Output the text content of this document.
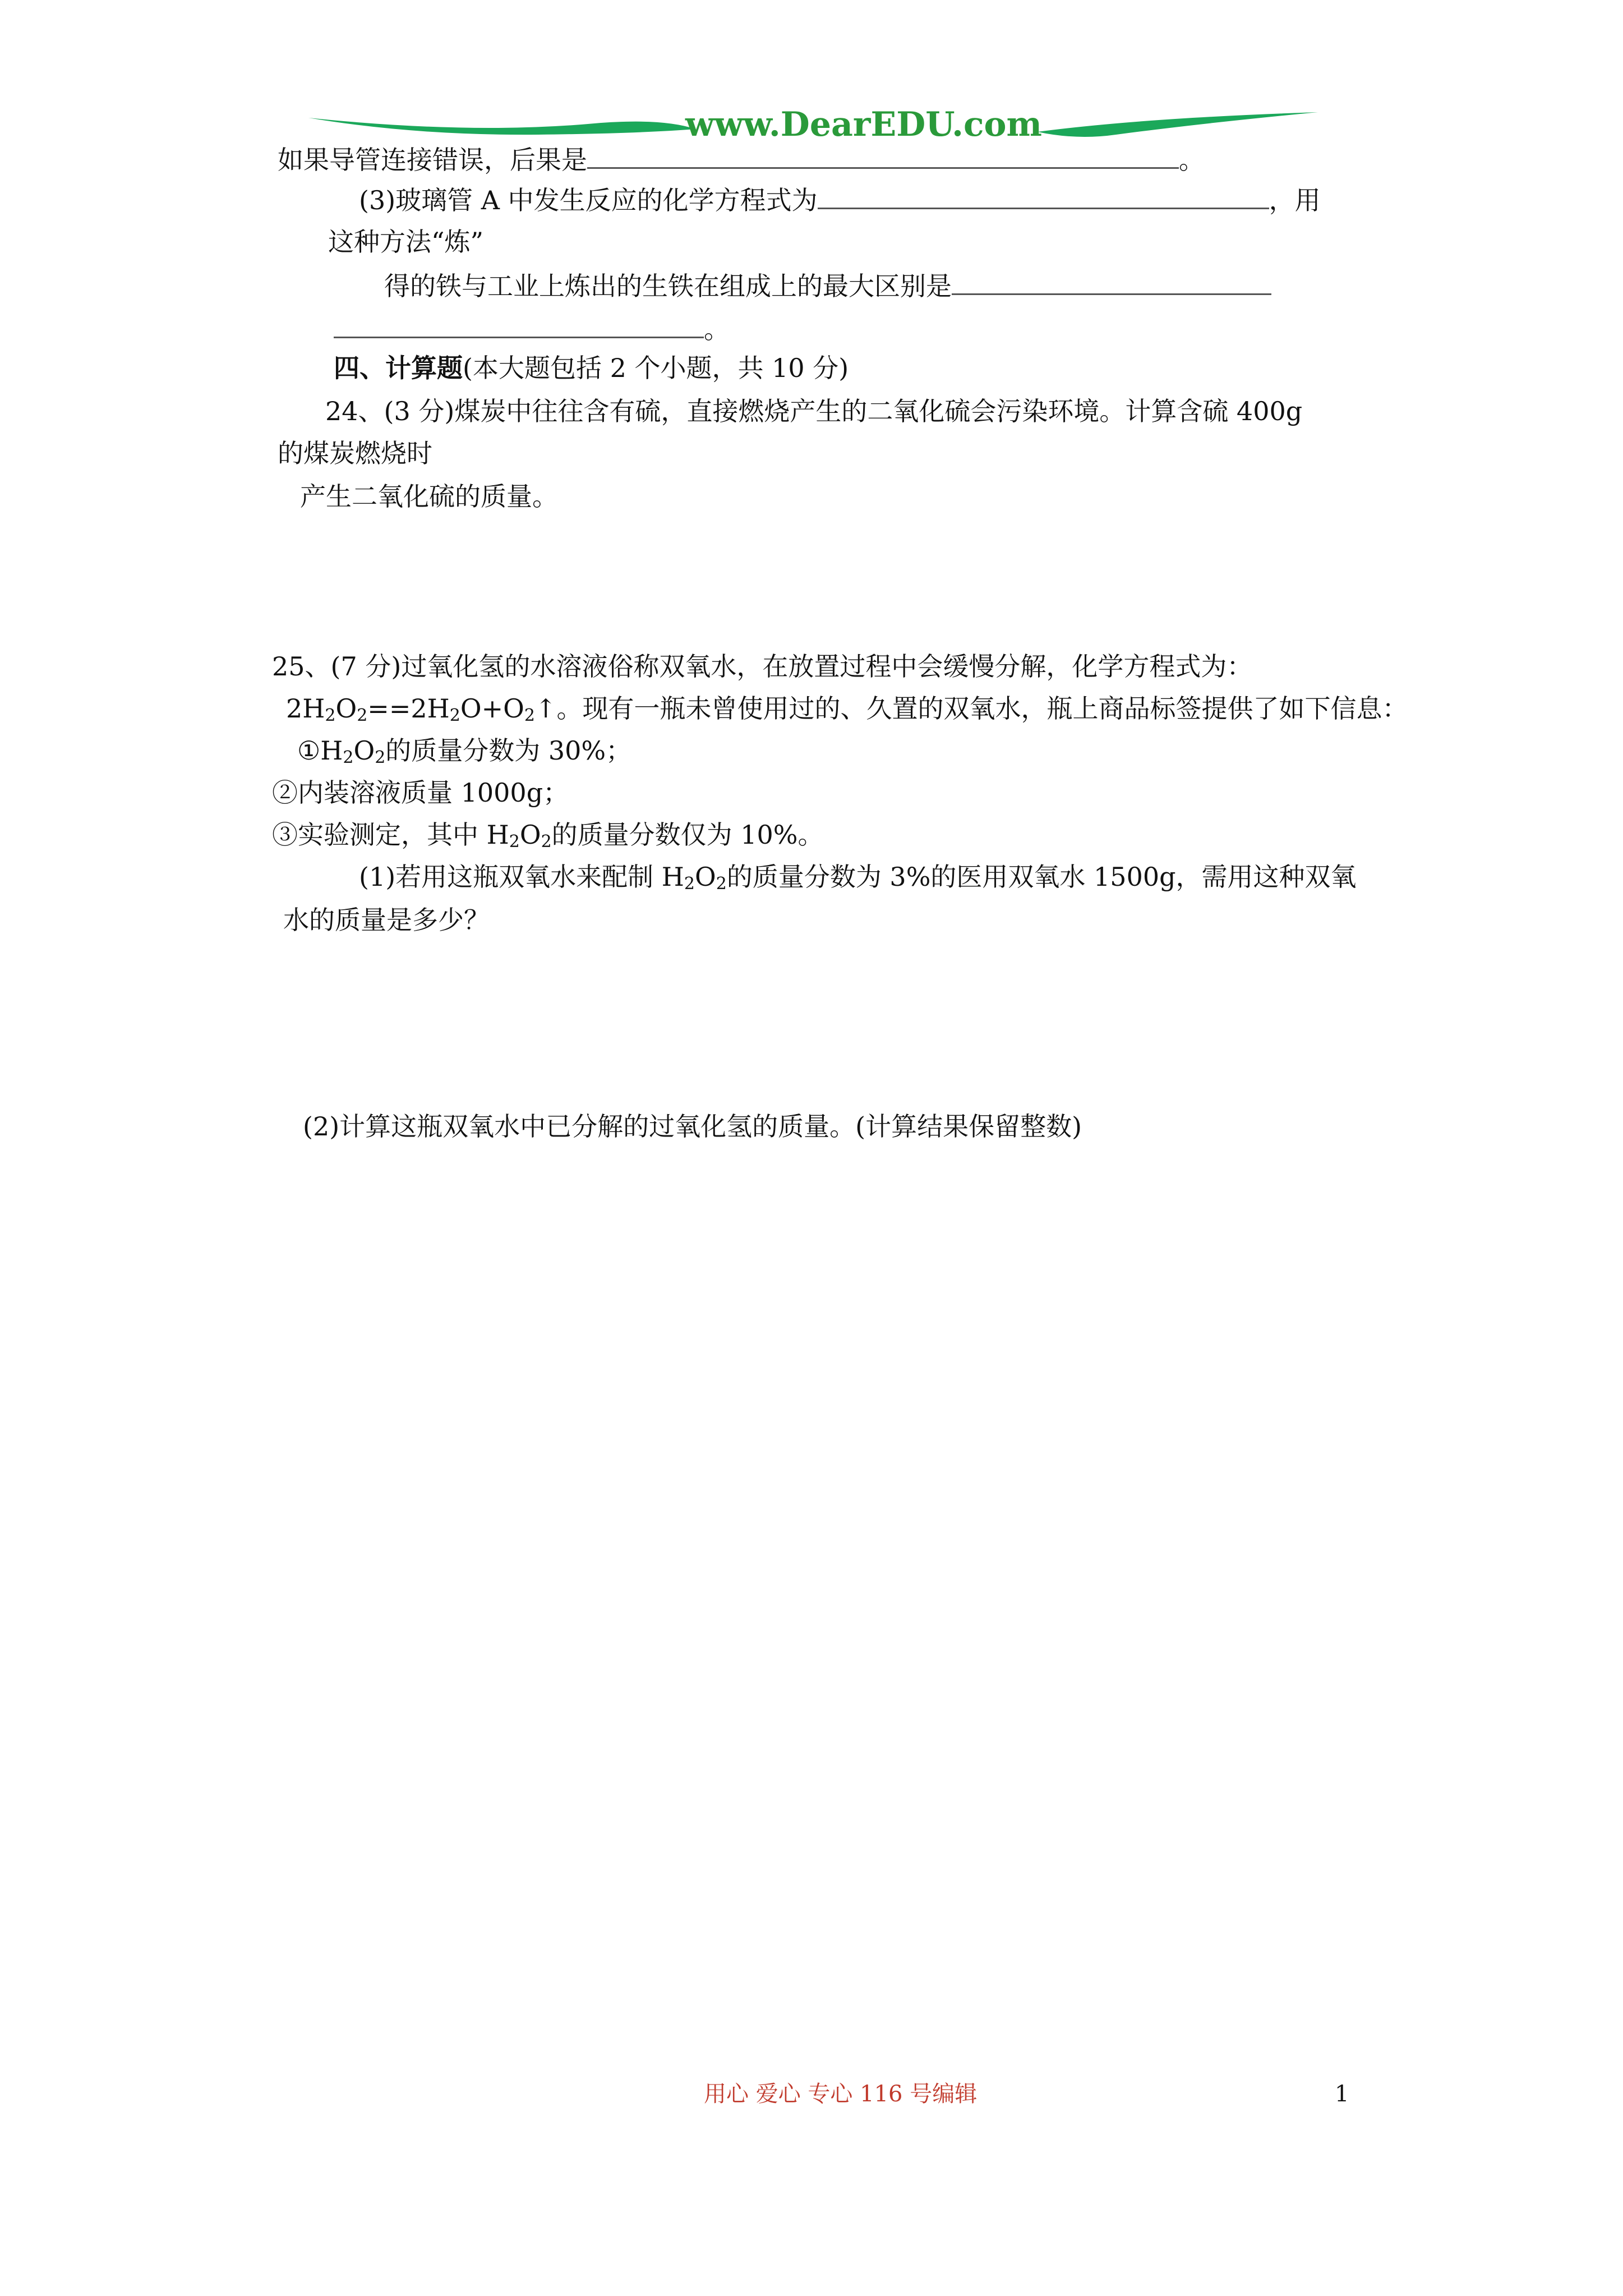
www.DearEDU.com
如果导管连接错误，后果是	。
(3)玻璃管 A 中发生反应的化学方程式为	，用
这种方法“炼”
得的铁与工业上炼出的生铁在组成上的最大区别是
。
四、计算题(本大题包括 2 个小题，共 10 分)
24、(3 分)煤炭中往往含有硫，直接燃烧产生的二氧化硫会污染环境。计算含硫 400g
的煤炭燃烧时
产生二氧化硫的质量。
25、(7 分)过氧化氢的水溶液俗称双氧水，在放置过程中会缓慢分解，化学方程式为：
$2H_2O_2==2H_2O+O_2↑$。现有一瓶未曾使用过的、久置的双氧水，瓶上商品标签提供了如下信息：
$①H_2O_2$的质量分数为 30%；
②内装溶液质量 1000g；
③实验测定，其中 $H_2O_2$的质量分数仅为 10%。
(1)若用这瓶双氧水来配制 $H_2O_2$的质量分数为 3%的医用双氧水 1500g，需用这种双氧
水的质量是多少？
(2)计算这瓶双氧水中已分解的过氧化氢的质量。(计算结果保留整数)
用心 爱心 专心 116 号编辑	1
